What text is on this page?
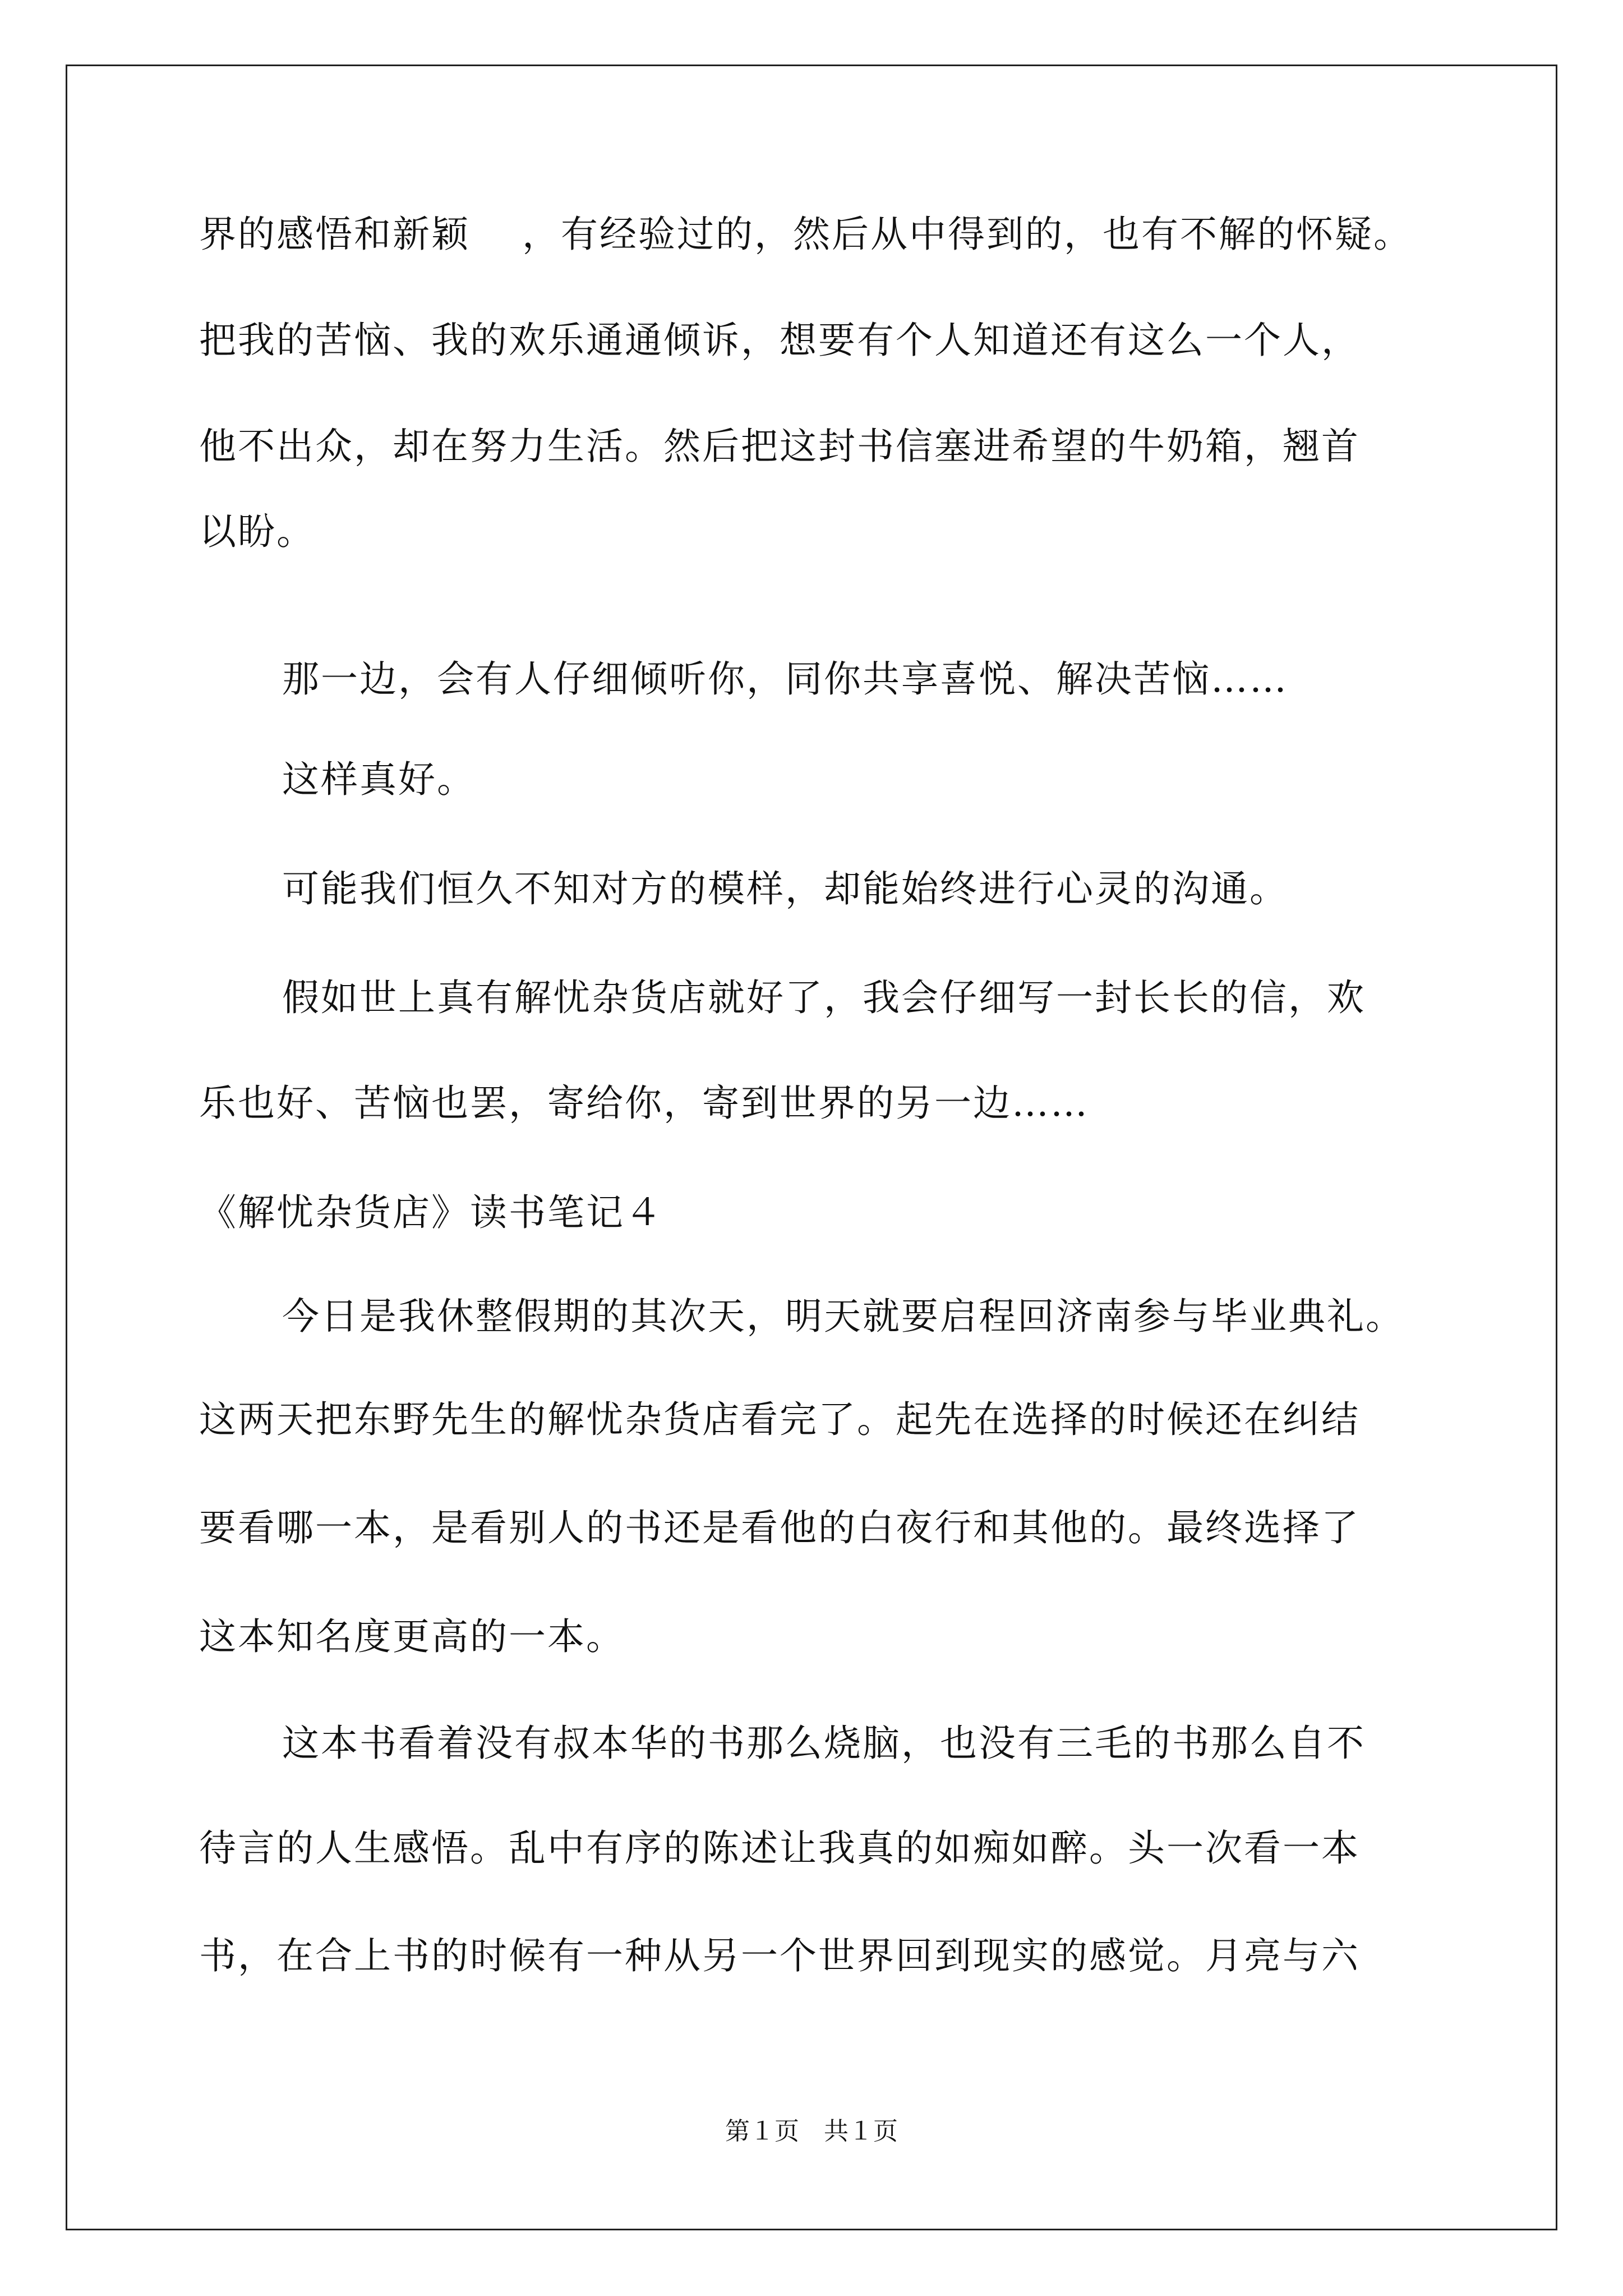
界的感悟和新颖　 ，有经验过的，然后从中得到的，也有不解的怀疑。
把我的苦恼、我的欢乐通通倾诉，想要有个人知道还有这么一个人，
他不出众，却在努力生活。然后把这封书信塞进希望的牛奶箱，翘首
以盼。
那一边，会有人仔细倾听你，同你共享喜悦、解决苦恼……
这样真好。
可能我们恒久不知对方的模样，却能始终进行心灵的沟通。
假如世上真有解忧杂货店就好了，我会仔细写一封长长的信，欢
乐也好、苦恼也罢，寄给你，寄到世界的另一边……
《解忧杂货店》读书笔记４
今日是我休整假期的其次天，明天就要启程回济南参与毕业典礼。
这两天把东野先生的解忧杂货店看完了。起先在选择的时候还在纠结
要看哪一本，是看别人的书还是看他的白夜行和其他的。最终选择了
这本知名度更高的一本。
这本书看着没有叔本华的书那么烧脑，也没有三毛的书那么自不
待言的人生感悟。乱中有序的陈述让我真的如痴如醉。头一次看一本
书，在合上书的时候有一种从另一个世界回到现实的感觉。月亮与六
第１页　共１页
